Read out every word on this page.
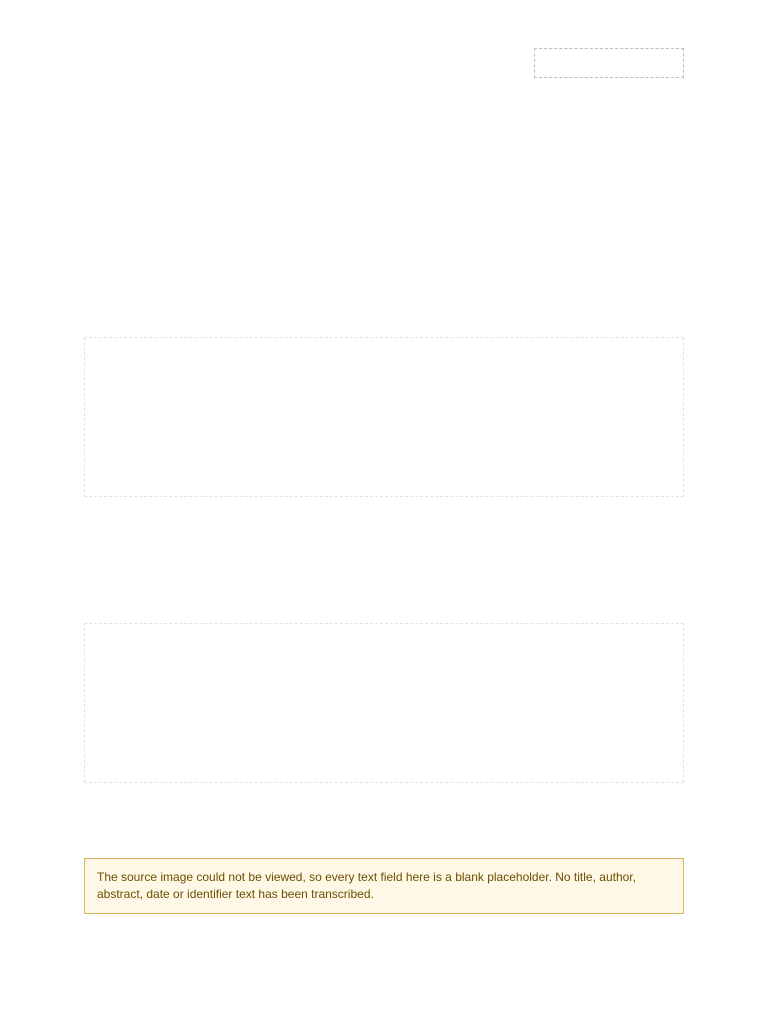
The source image could not be viewed, so every text field here is a blank placeholder. No title, author, abstract, date or identifier text has been transcribed.
